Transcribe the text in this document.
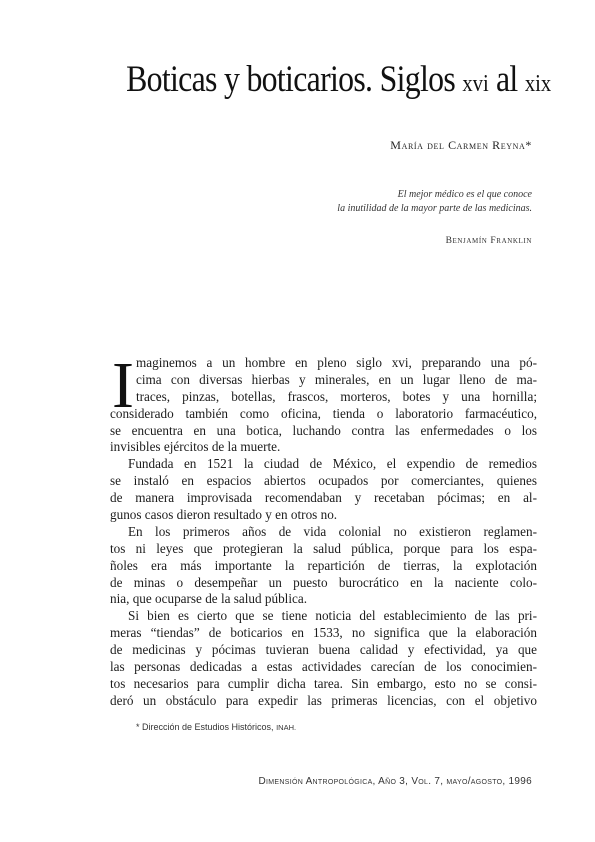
Boticas y boticarios. Siglos xvi al xix
María del Carmen Reyna*
El mejor médico es el que conoce
la inutilidad de la mayor parte de las medicinas.
Benjamín Franklin
I maginemos a un hombre en pleno siglo xvi, preparando una pó-
cima con diversas hierbas y minerales, en un lugar lleno de ma-
traces, pinzas, botellas, frascos, morteros, botes y una hornilla;
considerado también como oficina, tienda o laboratorio farmacéutico,
se encuentra en una botica, luchando contra las enfermedades o los
invisibles ejércitos de la muerte.
Fundada en 1521 la ciudad de México, el expendio de remedios
se instaló en espacios abiertos ocupados por comerciantes, quienes
de manera improvisada recomendaban y recetaban pócimas; en al-
gunos casos dieron resultado y en otros no.
En los primeros años de vida colonial no existieron reglamen-
tos ni leyes que protegieran la salud pública, porque para los espa-
ñoles era más importante la repartición de tierras, la explotación
de minas o desempeñar un puesto burocrático en la naciente colo-
nia, que ocuparse de la salud pública.
Si bien es cierto que se tiene noticia del establecimiento de las pri-
meras “tiendas” de boticarios en 1533, no significa que la elaboración
de medicinas y pócimas tuvieran buena calidad y efectividad, ya que
las personas dedicadas a estas actividades carecían de los conocimien-
tos necesarios para cumplir dicha tarea. Sin embargo, esto no se consi-
deró un obstáculo para expedir las primeras licencias, con el objetivo
* Dirección de Estudios Históricos, INAH.
Dimensión Antropológica, Año 3, Vol. 7, mayo/agosto, 1996
